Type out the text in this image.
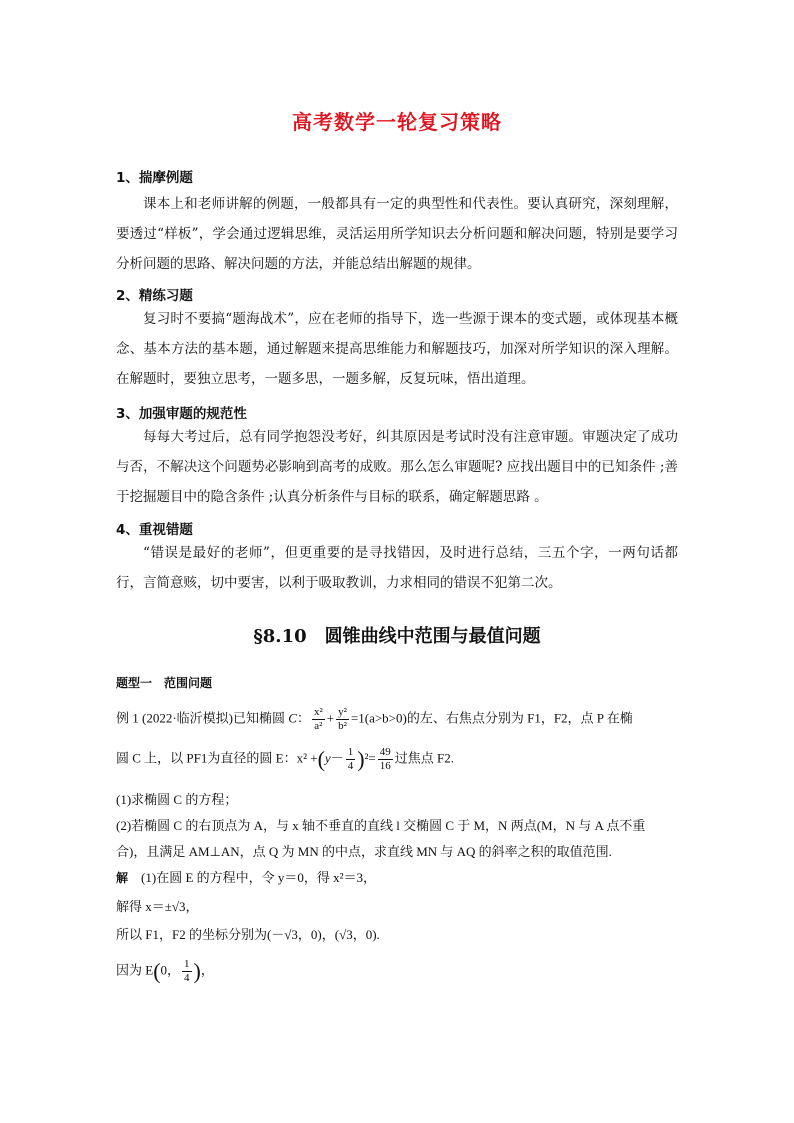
高考数学一轮复习策略
1、揣摩例题
课本上和老师讲解的例题，一般都具有一定的典型性和代表性。要认真研究，深刻理解，要透过“样板”，学会通过逻辑思维，灵活运用所学知识去分析问题和解决问题，特别是要学习分析问题的思路、解决问题的方法，并能总结出解题的规律。
2、精练习题
复习时不要搞“题海战术”，应在老师的指导下，选一些源于课本的变式题，或体现基本概念、基本方法的基本题，通过解题来提高思维能力和解题技巧，加深对所学知识的深入理解。在解题时，要独立思考，一题多思，一题多解，反复玩味，悟出道理。
3、加强审题的规范性
每每大考过后，总有同学抱怨没考好，纠其原因是考试时没有注意审题。审题决定了成功与否，不解决这个问题势必影响到高考的成败。那么怎么审题呢? 应找出题目中的已知条件 ;善于挖掘题目中的隐含条件 ;认真分析条件与目标的联系，确定解题思路 。
4、重视错题
“错误是最好的老师”，但更重要的是寻找错因，及时进行总结，三五个字，一两句话都行，言简意赅，切中要害，以利于吸取教训，力求相同的错误不犯第二次。
§8.10　圆锥曲线中范围与最值问题
题型一　范围问题
例 1 (2022·临沂模拟)已知椭圆 C： $\frac{\text{x²}}{\text{a²}} + \frac{\text{y²}}{\text{b²}} =1(a>b>0)$的左、右焦点分别为 F1，F2，点 P 在椭
圆 C 上，以 PF1为直径的圆 E：$x^2 +(y- \frac{1}{4} )^2= \frac{49}{16}$ 过焦点 F2.
(1)求椭圆 C 的方程；
(2)若椭圆 C 的右顶点为 A，与 x 轴不垂直的直线 l 交椭圆 C 于 M，N 两点(M，N 与 A 点不重
合)，且满足 AM⊥AN，点 Q 为 MN 的中点，求直线 MN 与 AQ 的斜率之积的取值范围.
解　 (1)在圆 E 的方程中，令 y＝0，得 x²＝3，
解得 x＝±√3，
所以 F1，F2 的坐标分别为(－√3，0)，(√3，0).
因为 E(0， $\frac{1}{4}$ )，
